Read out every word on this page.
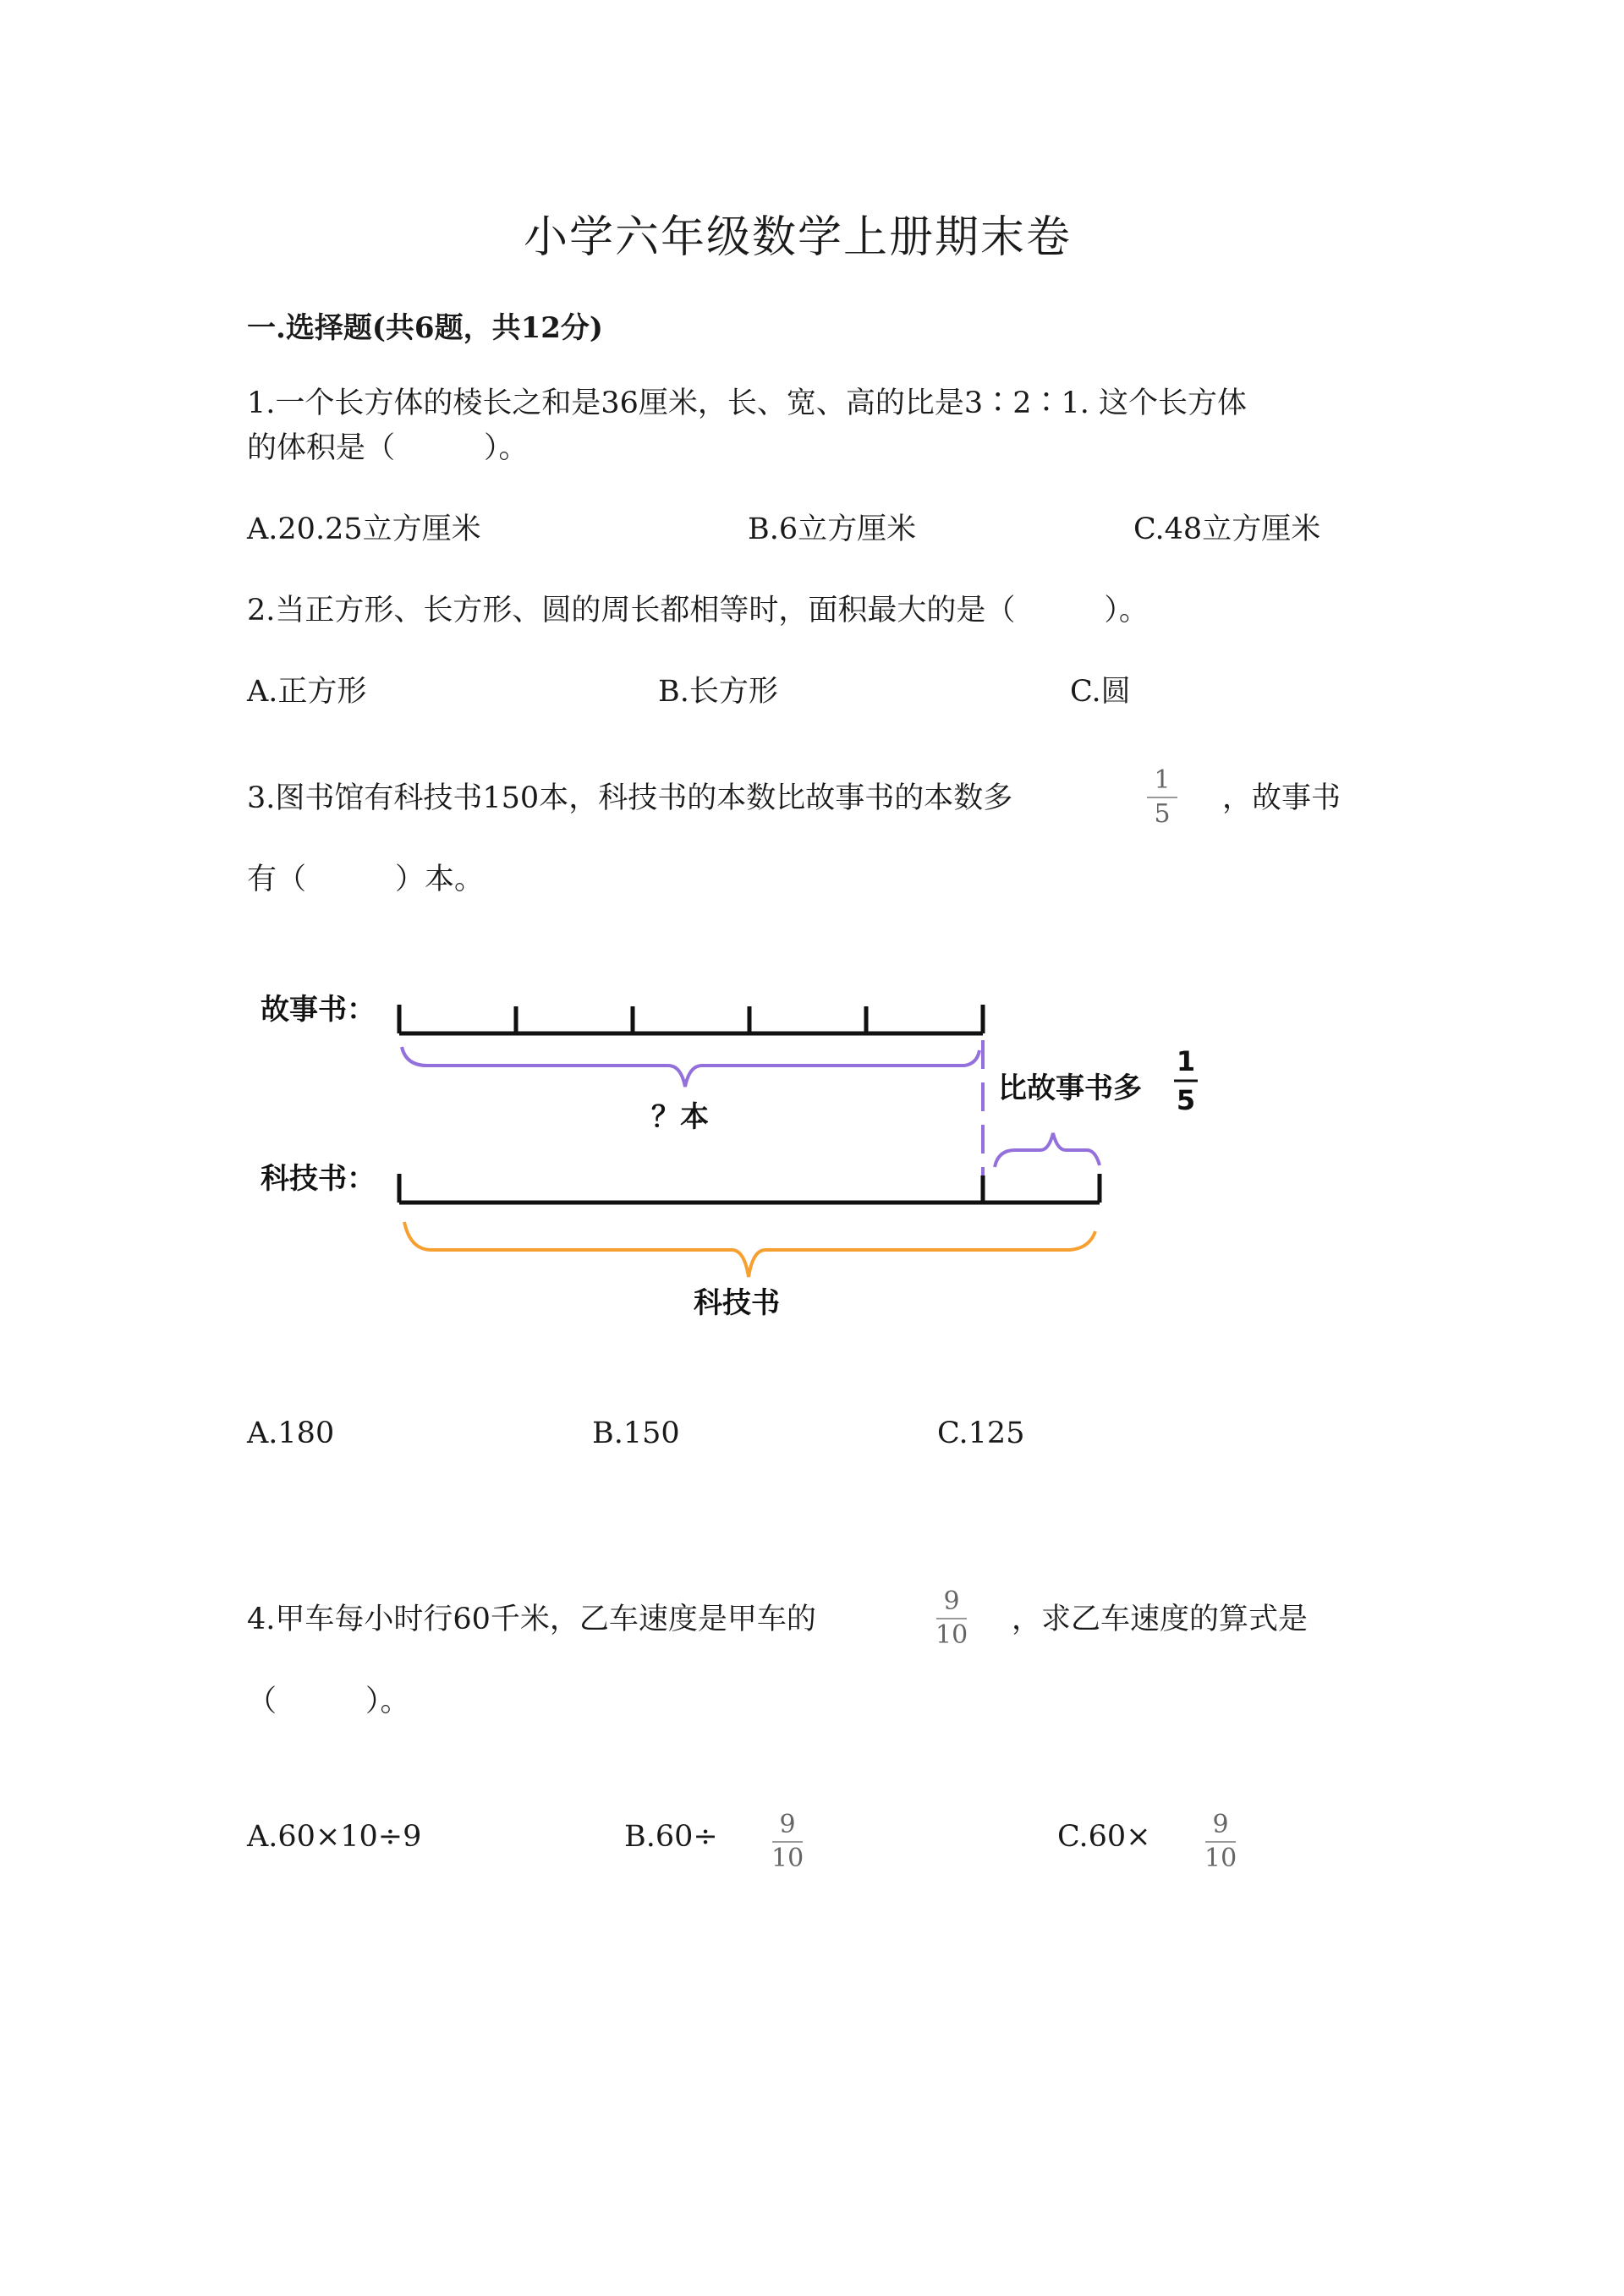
小学六年级数学上册期末卷
一.选择题(共6题，共12分)
1.一个长方体的棱长之和是36厘米，长、宽、高的比是3∶2∶1. 这个长方体
的体积是（　　　）。
A.20.25立方厘米	B.6立方厘米	C.48立方厘米
2.当正方形、长方形、圆的周长都相等时，面积最大的是（　　　）。
A.正方形	B.长方形	C.圆
3.图书馆有科技书150本，科技书的本数比故事书的本数多
1
5 ，故事书
有（　　　）本。
故事书：
？本
比故事书多
1
5
科技书：
科技书
A.180	B.150	C.125
4.甲车每小时行60千米，乙车速度是甲车的
9
10 ，求乙车速度的算式是
（　　　）。
A.60×10÷9	B.60÷ 9
10
C.60× 9
10
